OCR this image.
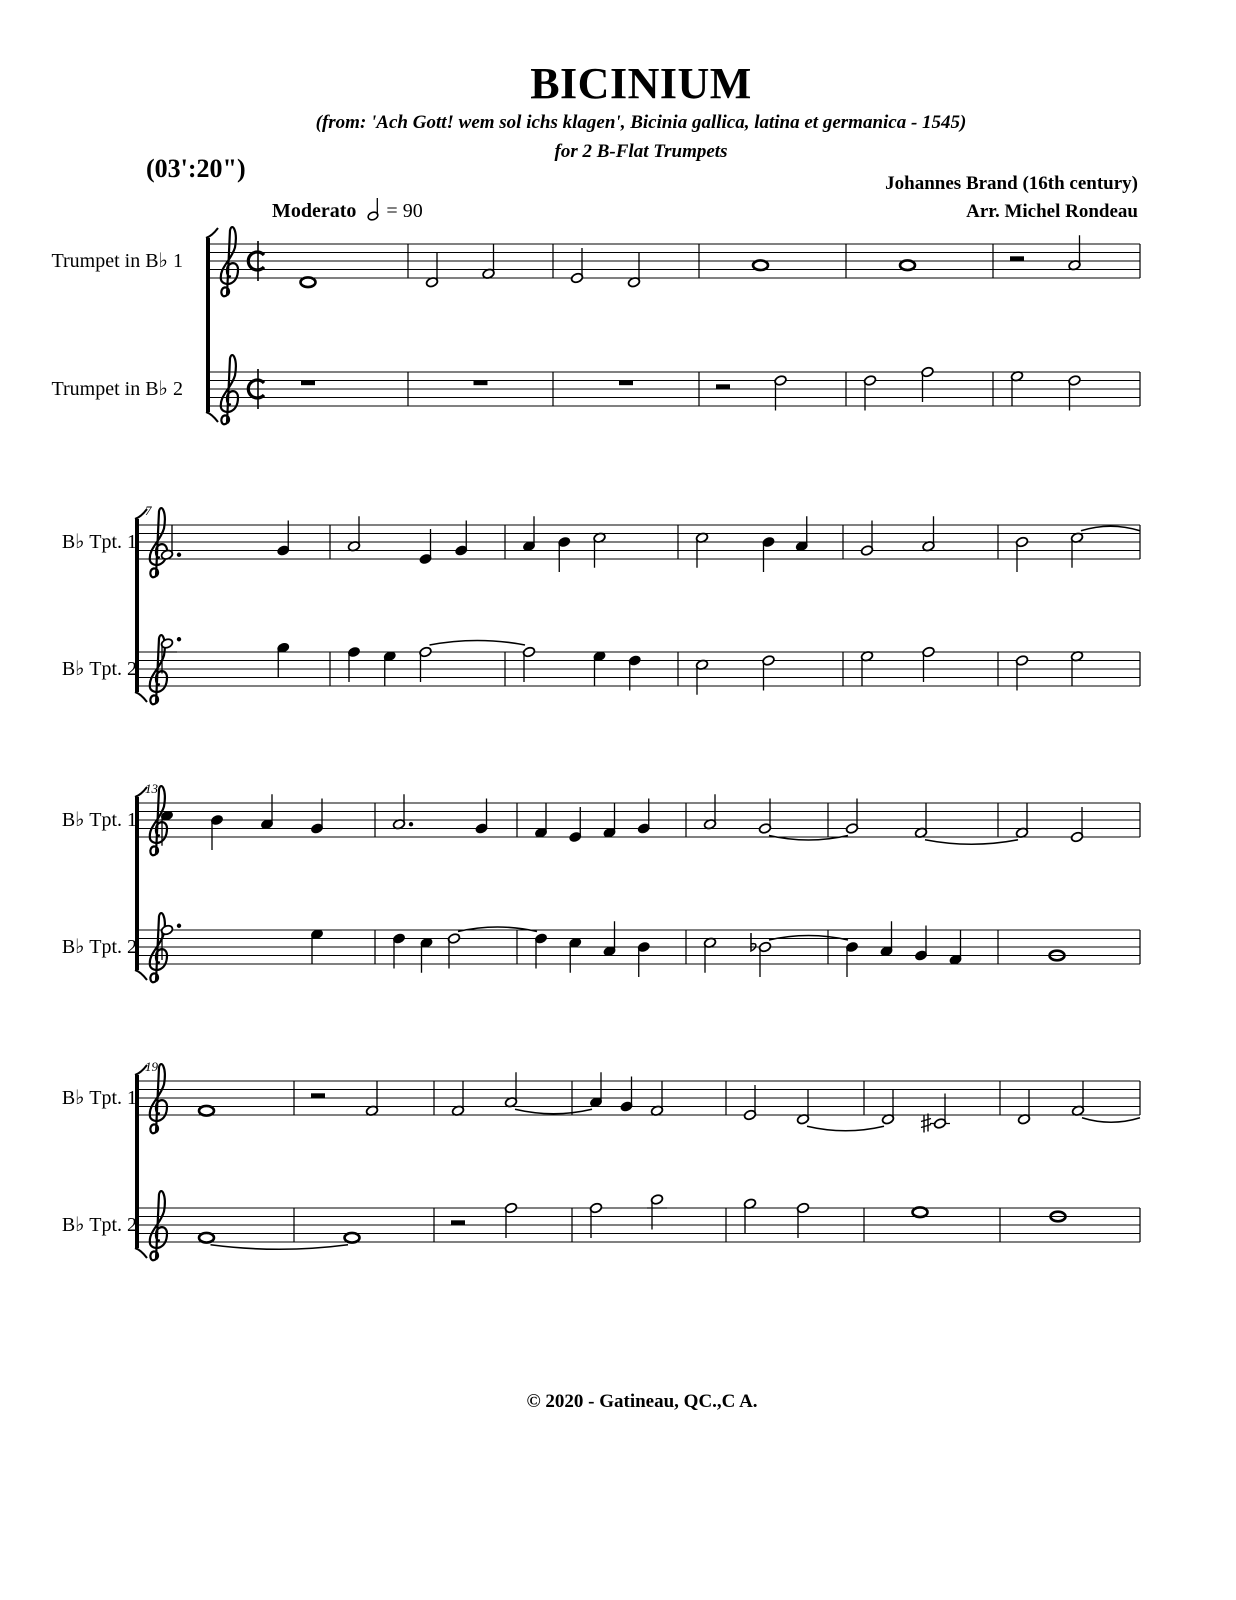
BICINIUM
(from: 'Ach Gott! wem sol ichs klagen', Bicinia gallica, latina et germanica - 1545)
for 2 B-Flat Trumpets
(03':20")
Johannes Brand (16th century)
Arr. Michel Rondeau
Moderato = 90
Trumpet in B♭ 1
Trumpet in B♭ 2
7
B♭ Tpt. 1
B♭ Tpt. 2
13
B♭ Tpt. 1
B♭ Tpt. 2
19
B♭ Tpt. 1
B♭ Tpt. 2
© 2020 - Gatineau, QC.,C A.
